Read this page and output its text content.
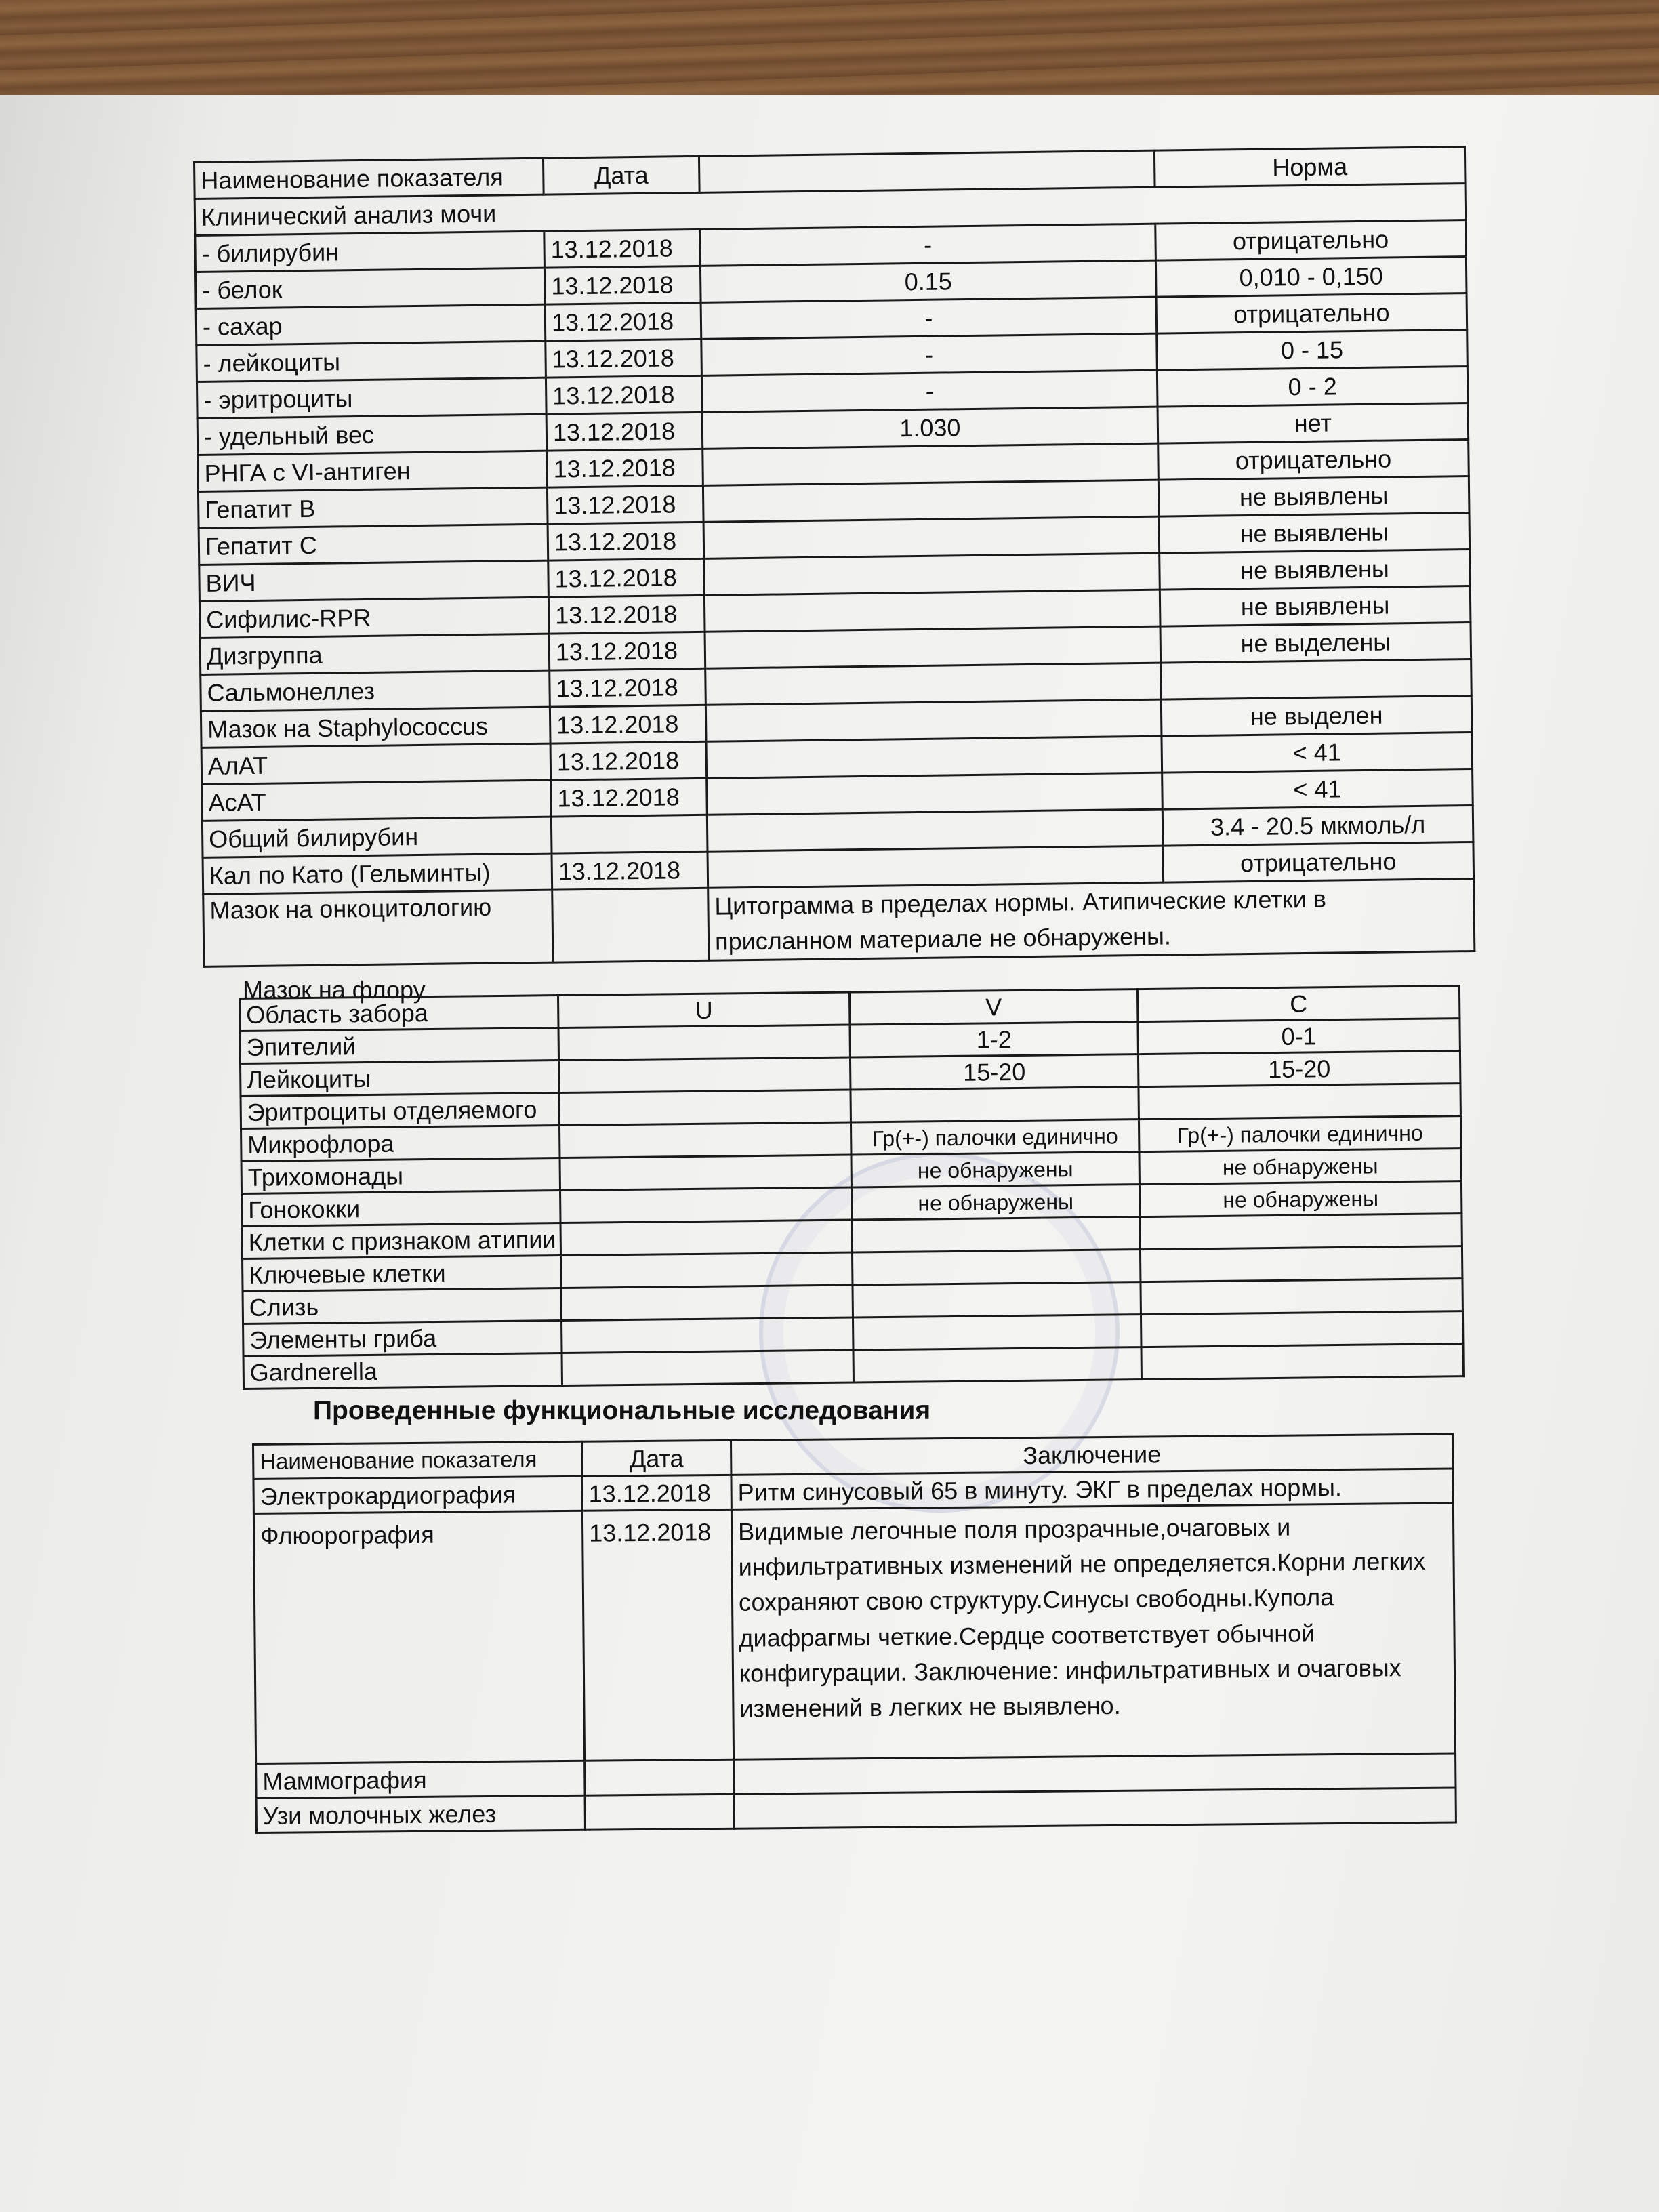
Наименование показателя	Дата		Норма
Клинический анализ мочи			
- билирубин	13.12.2018	-	отрицательно
- белок	13.12.2018	0.15	0,010 - 0,150
- сахар	13.12.2018	-	отрицательно
- лейкоциты	13.12.2018	-	0 - 15
- эритроциты	13.12.2018	-	0 - 2
- удельный вес	13.12.2018	1.030	нет
РНГА с VI-антиген	13.12.2018		отрицательно
Гепатит В	13.12.2018		не выявлены
Гепатит С	13.12.2018		не выявлены
ВИЧ	13.12.2018		не выявлены
Сифилис-RPR	13.12.2018		не выявлены
Дизгруппа	13.12.2018		не выделены
Сальмонеллез	13.12.2018		
Мазок на Staphylococcus	13.12.2018		не выделен
АлАТ	13.12.2018		< 41
АсАТ	13.12.2018		< 41
Общий билирубин			3.4 - 20.5 мкмоль/л
Кал по Като (Гельминты)	13.12.2018		отрицательно
Мазок на онкоцитологию		Цитограмма в пределах нормы. Атипические клетки в присланном материале не обнаружены.	
Мазок на флору
Область забора	U	V	C
Эпителий		1-2	0-1
Лейкоциты		15-20	15-20
Эритроциты отделяемого			
Микрофлора		Гр(+-) палочки единично	Гр(+-) палочки единично
Трихомонады		не обнаружены	не обнаружены
Гонококки		не обнаружены	не обнаружены
Клетки с признаком атипии			
Ключевые клетки			
Слизь			
Элементы гриба			
Gardnerella			
Проведенные функциональные исследования
Наименование показателя	Дата	Заключение
Электрокардиография	13.12.2018	Ритм синусовый 65 в минуту. ЭКГ в пределах нормы.
Флюорография	13.12.2018	Видимые легочные поля прозрачные,очаговых и инфильтративных изменений не определяется.Корни легких сохраняют свою структуру.Синусы свободны.Купола диафрагмы четкие.Сердце соответствует обычной конфигурации. Заключение: инфильтративных и очаговых изменений в легких не выявлено.
Маммография		
Узи молочных желез		
